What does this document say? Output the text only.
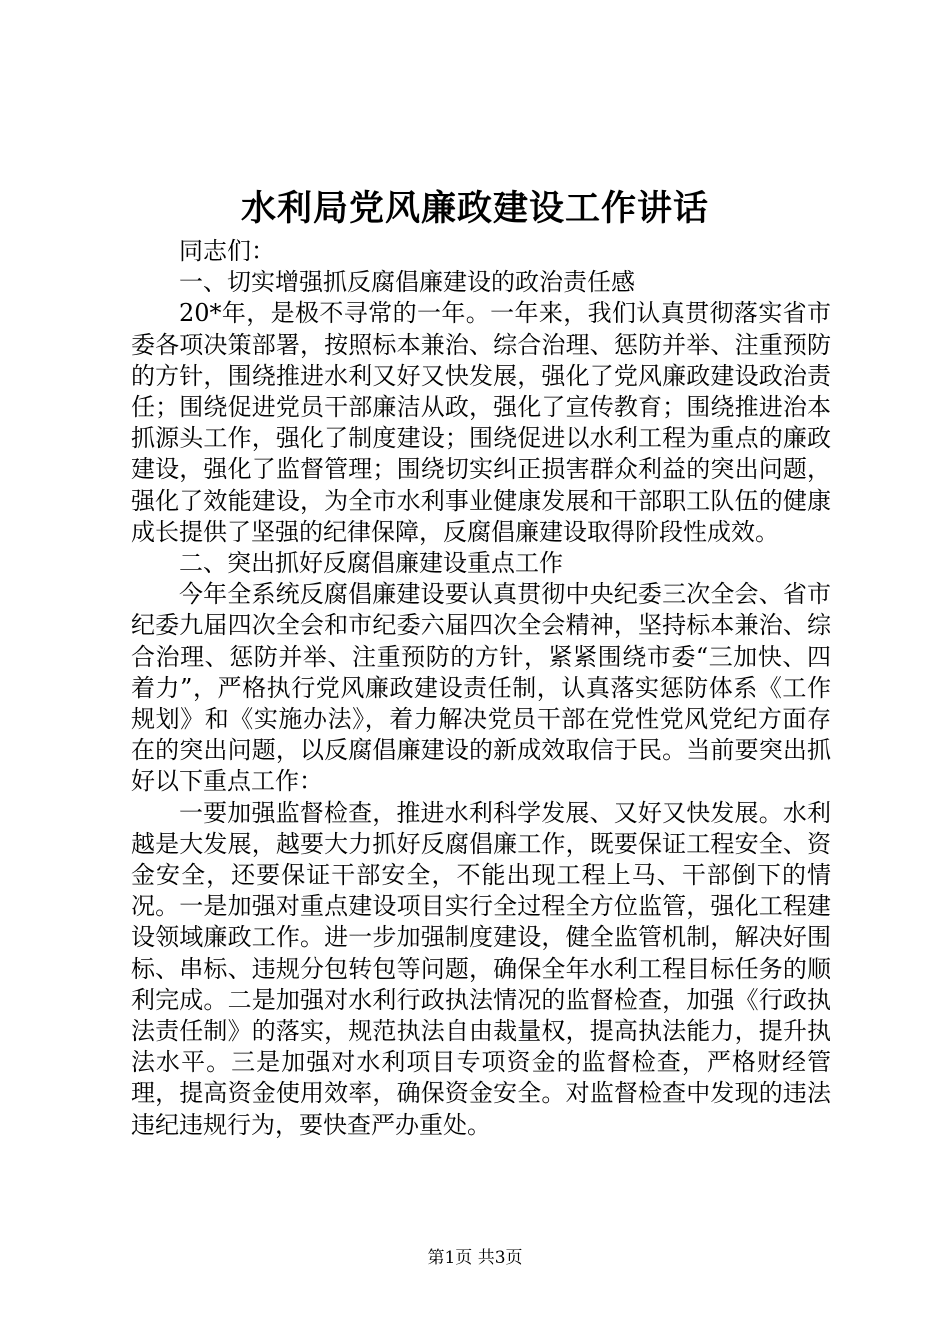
水利局党风廉政建设工作讲话

同志们：

一、切实增强抓反腐倡廉建设的政治责任感

20*年，是极不寻常的一年。一年来，我们认真贯彻落实省市委各项决策部署，按照标本兼治、综合治理、惩防并举、注重预防的方针，围绕推进水利又好又快发展，强化了党风廉政建设政治责任；围绕促进党员干部廉洁从政，强化了宣传教育；围绕推进治本抓源头工作，强化了制度建设；围绕促进以水利工程为重点的廉政建设，强化了监督管理；围绕切实纠正损害群众利益的突出问题，强化了效能建设，为全市水利事业健康发展和干部职工队伍的健康成长提供了坚强的纪律保障，反腐倡廉建设取得阶段性成效。

二、突出抓好反腐倡廉建设重点工作

今年全系统反腐倡廉建设要认真贯彻中央纪委三次全会、省市纪委九届四次全会和市纪委六届四次全会精神，坚持标本兼治、综合治理、惩防并举、注重预防的方针，紧紧围绕市委“三加快、四着力”，严格执行党风廉政建设责任制，认真落实惩防体系《工作规划》和《实施办法》，着力解决党员干部在党性党风党纪方面存在的突出问题，以反腐倡廉建设的新成效取信于民。当前要突出抓好以下重点工作：

一要加强监督检查，推进水利科学发展、又好又快发展。水利越是大发展，越要大力抓好反腐倡廉工作，既要保证工程安全、资金安全，还要保证干部安全，不能出现工程上马、干部倒下的情况。一是加强对重点建设项目实行全过程全方位监管，强化工程建设领域廉政工作。进一步加强制度建设，健全监管机制，解决好围标、串标、违规分包转包等问题，确保全年水利工程目标任务的顺利完成。二是加强对水利行政执法情况的监督检查，加强《行政执法责任制》的落实，规范执法自由裁量权，提高执法能力，提升执法水平。三是加强对水利项目专项资金的监督检查，严格财经管理，提高资金使用效率，确保资金安全。对监督检查中发现的违法违纪违规行为，要快查严办重处。

第1页 共3页
